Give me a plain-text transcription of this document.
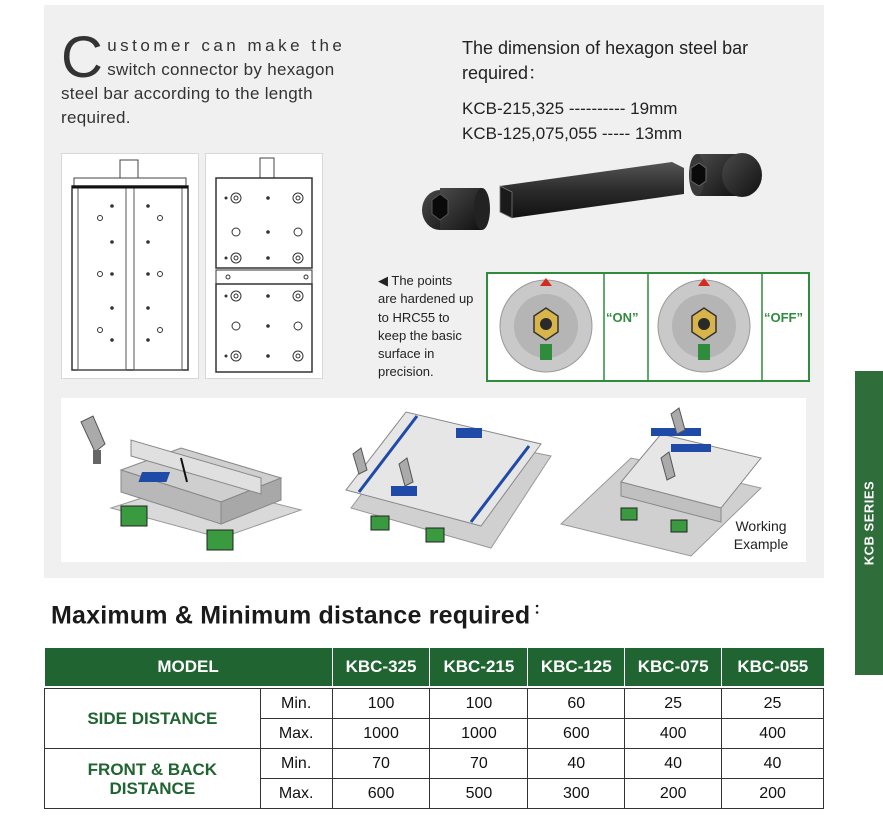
C ustomer can make the switch connector by hexagon steel bar according to the length required.
The dimension of hexagon steel bar required：
KCB-215,325 ---------- 19mm
KCB-125,075,055 ----- 13mm
◀ The points are hardened up to HRC55 to keep the basic surface in precision.
“ON”	“OFF”
Working Example
Maximum & Minimum distance required ：
KCB SERIES
MODEL		KBC-325	KBC-215	KBC-125	KBC-075	KBC-055

SIDE DISTANCE	Min.	100	100	60	25	25
	Max.	1000	1000	600	400	400
FRONT & BACK DISTANCE	Min.	70	70	40	40	40
	Max.	600	500	300	200	200
